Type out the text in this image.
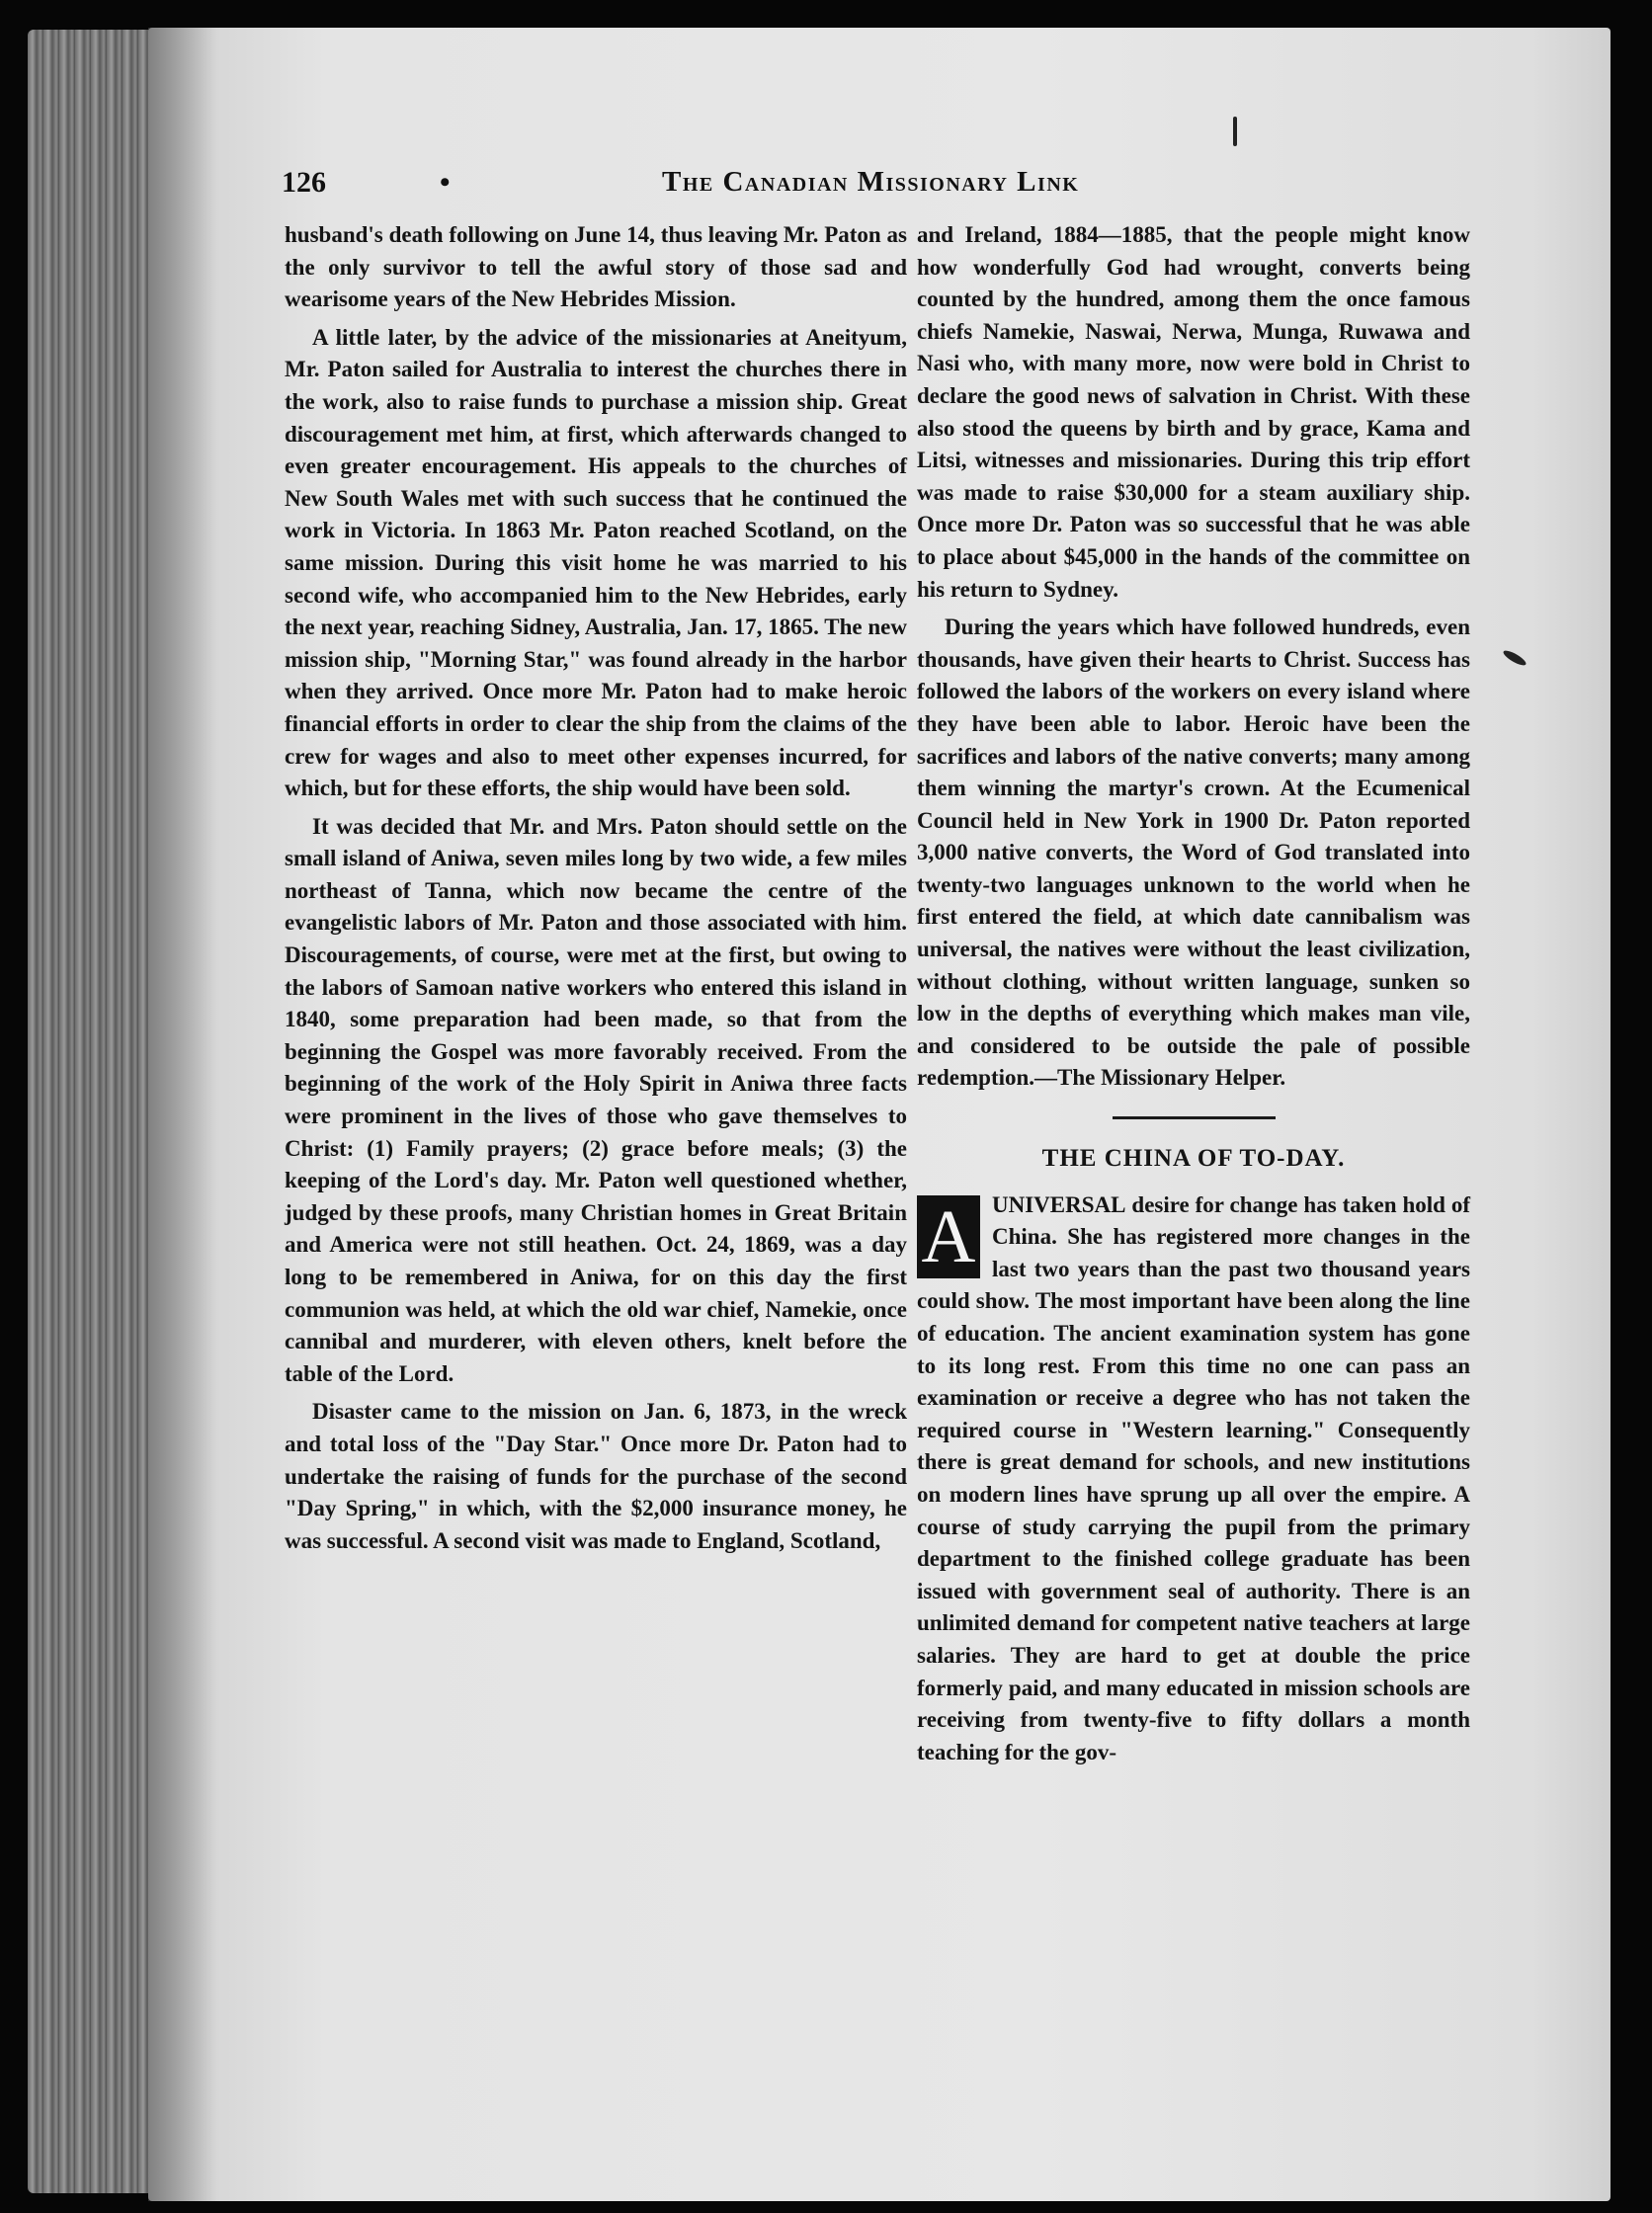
126	•	The Canadian Missionary Link

husband's death following on June 14, thus leaving Mr. Paton as the only survivor to tell the awful story of those sad and wearisome years of the New Hebrides Mission.

A little later, by the advice of the missionaries at Aneityum, Mr. Paton sailed for Australia to interest the churches there in the work, also to raise funds to purchase a mission ship. Great discouragement met him, at first, which afterwards changed to even greater encouragement. His appeals to the churches of New South Wales met with such success that he continued the work in Victoria. In 1863 Mr. Paton reached Scotland, on the same mission. During this visit home he was married to his second wife, who accompanied him to the New Hebrides, early the next year, reaching Sidney, Australia, Jan. 17, 1865. The new mission ship, "Morning Star," was found already in the harbor when they arrived. Once more Mr. Paton had to make heroic financial efforts in order to clear the ship from the claims of the crew for wages and also to meet other expenses incurred, for which, but for these efforts, the ship would have been sold.

It was decided that Mr. and Mrs. Paton should settle on the small island of Aniwa, seven miles long by two wide, a few miles northeast of Tanna, which now became the centre of the evangelistic labors of Mr. Paton and those associated with him. Discouragements, of course, were met at the first, but owing to the labors of Samoan native workers who entered this island in 1840, some preparation had been made, so that from the beginning the Gospel was more favorably received. From the beginning of the work of the Holy Spirit in Aniwa three facts were prominent in the lives of those who gave themselves to Christ: (1) Family prayers; (2) grace before meals; (3) the keeping of the Lord's day. Mr. Paton well questioned whether, judged by these proofs, many Christian homes in Great Britain and America were not still heathen. Oct. 24, 1869, was a day long to be remembered in Aniwa, for on this day the first communion was held, at which the old war chief, Namekie, once cannibal and murderer, with eleven others, knelt before the table of the Lord.

Disaster came to the mission on Jan. 6, 1873, in the wreck and total loss of the "Day Star." Once more Dr. Paton had to undertake the raising of funds for the purchase of the second "Day Spring," in which, with the $2,000 insurance money, he was successful. A second visit was made to England, Scotland,

and Ireland, 1884—1885, that the people might know how wonderfully God had wrought, converts being counted by the hundred, among them the once famous chiefs Namekie, Naswai, Nerwa, Munga, Ruwawa and Nasi who, with many more, now were bold in Christ to declare the good news of salvation in Christ. With these also stood the queens by birth and by grace, Kama and Litsi, witnesses and missionaries. During this trip effort was made to raise $30,000 for a steam auxiliary ship. Once more Dr. Paton was so successful that he was able to place about $45,000 in the hands of the committee on his return to Sydney.

During the years which have followed hundreds, even thousands, have given their hearts to Christ. Success has followed the labors of the workers on every island where they have been able to labor. Heroic have been the sacrifices and labors of the native converts; many among them winning the martyr's crown. At the Ecumenical Council held in New York in 1900 Dr. Paton reported 3,000 native converts, the Word of God translated into twenty-two languages unknown to the world when he first entered the field, at which date cannibalism was universal, the natives were without the least civilization, without clothing, without written language, sunken so low in the depths of everything which makes man vile, and considered to be outside the pale of possible redemption.—The Missionary Helper.

THE CHINA OF TO-DAY.

A UNIVERSAL desire for change has taken hold of China. She has registered more changes in the last two years than the past two thousand years could show. The most important have been along the line of education. The ancient examination system has gone to its long rest. From this time no one can pass an examination or receive a degree who has not taken the required course in "Western learning." Consequently there is great demand for schools, and new institutions on modern lines have sprung up all over the empire. A course of study carrying the pupil from the primary department to the finished college graduate has been issued with government seal of authority. There is an unlimited demand for competent native teachers at large salaries. They are hard to get at double the price formerly paid, and many educated in mission schools are receiving from twenty-five to fifty dollars a month teaching for the gov-
